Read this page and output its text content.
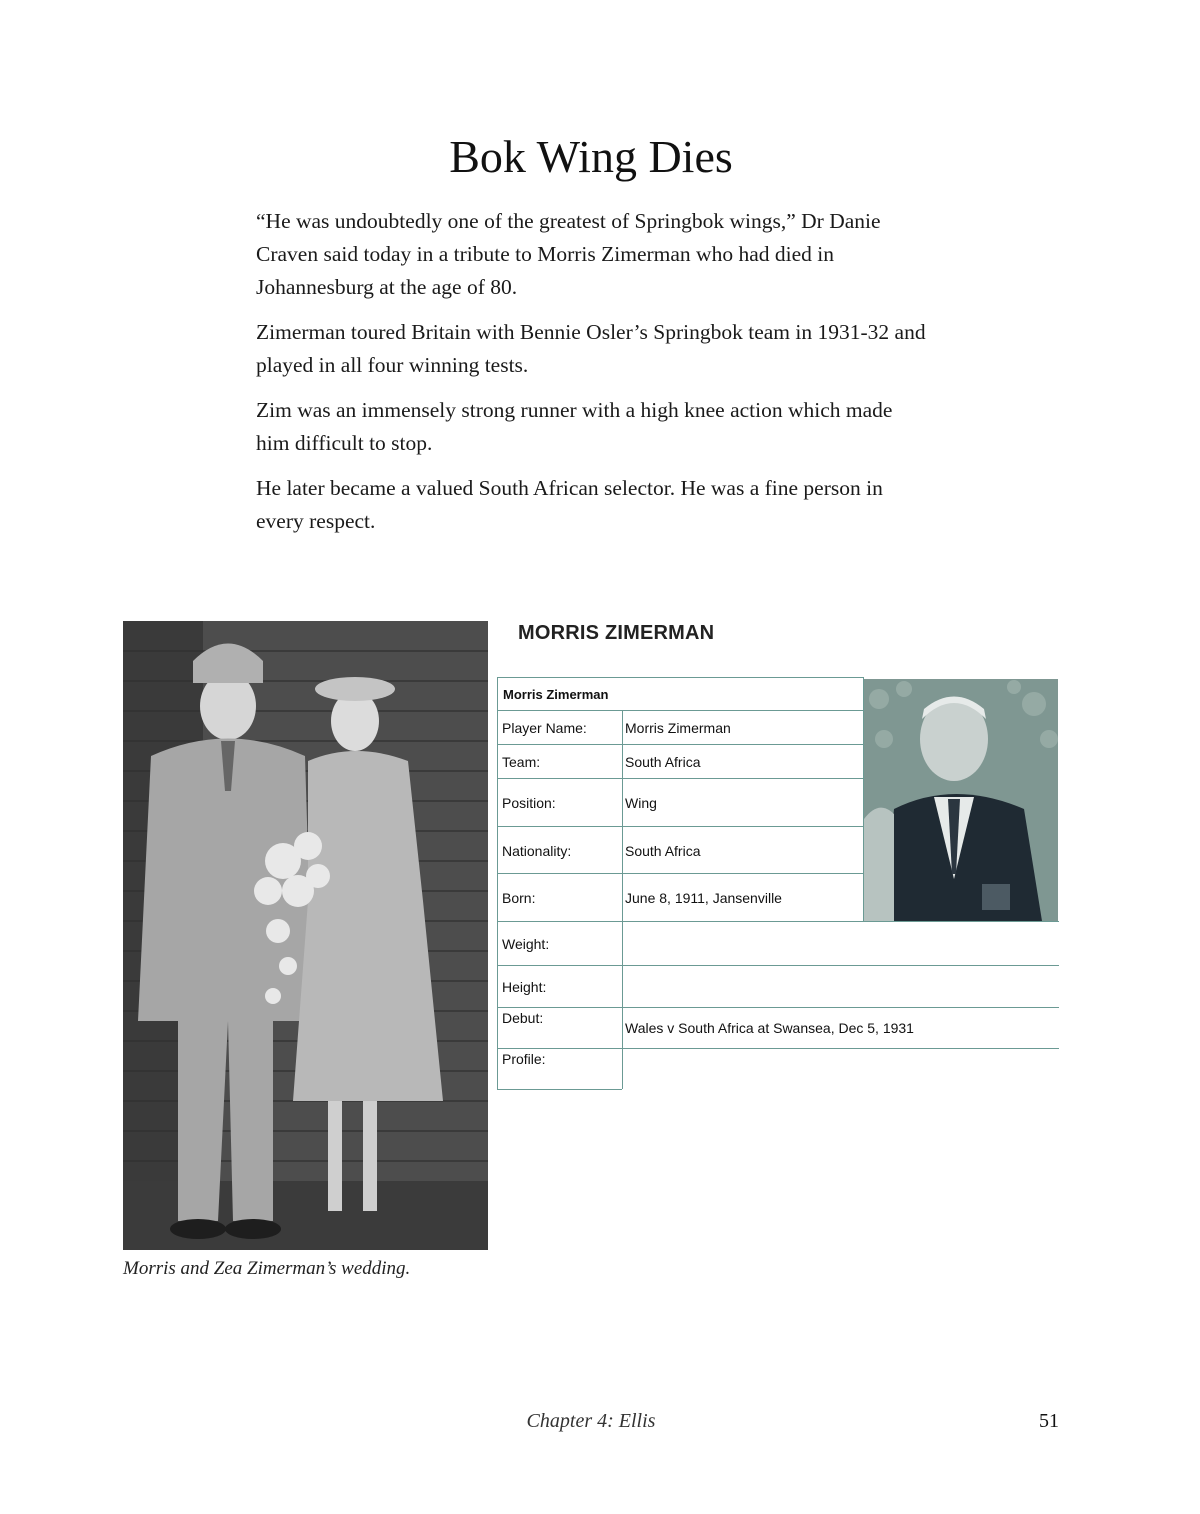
Bok Wing Dies

“He was undoubtedly one of the greatest of Springbok wings,” Dr Danie Craven said today in a tribute to Morris Zimerman who had died in Johannesburg at the age of 80.

Zimerman toured Britain with Bennie Osler’s Springbok team in 1931-32 and played in all four winning tests.

Zim was an immensely strong runner with a high knee action which made him difficult to stop.

He later became a valued South African selector. He was a fine person in every respect.

Morris and Zea Zimerman’s wedding.
MORRIS ZIMERMAN
Morris Zimerman
Player Name:	Morris Zimerman
Team:	South Africa
Position:	Wing
Nationality:	South Africa
Born:	June 8, 1911, Jansenville
Weight:
Height:
Debut:
Wales v South Africa at Swansea, Dec 5, 1931
Profile:
Chapter 4: Ellis	51
